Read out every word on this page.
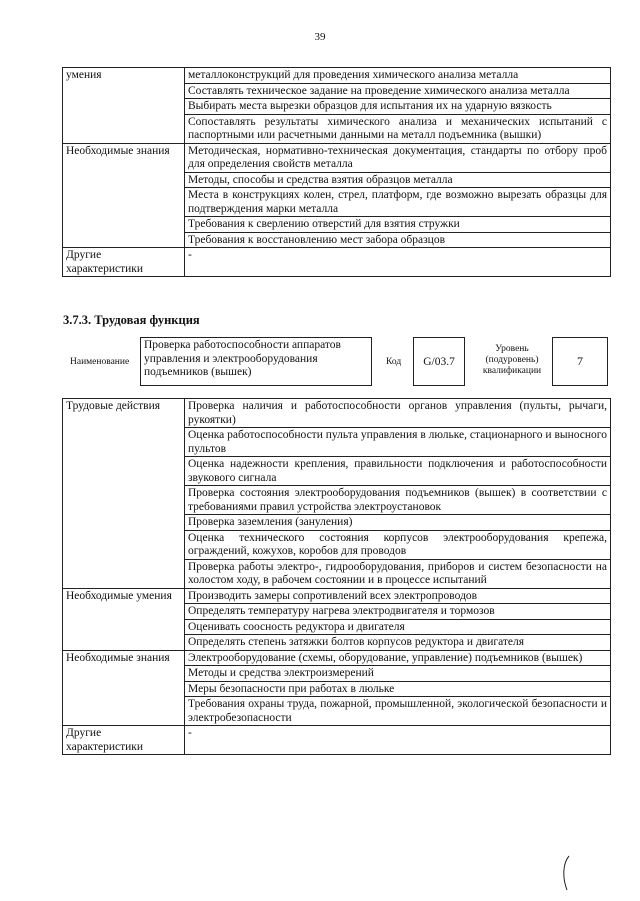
39
умения	металлоконструкций для проведения химического анализа металла
	Составлять техническое задание на проведение химического анализа металла
	Выбирать места вырезки образцов для испытания их на ударную вязкость
	Сопоставлять результаты химического анализа и механических испытаний с паспортными или расчетными данными на металл подъемника (вышки)
Необходимые знания	Методическая, нормативно-техническая документация, стандарты по отбору проб для определения свойств металла
	Методы, способы и средства взятия образцов металла
	Места в конструкциях колен, стрел, платформ, где возможно вырезать образцы для подтверждения марки металла
	Требования к сверлению отверстий для взятия стружки
	Требования к восстановлению мест забора образцов
Другие характеристики	-
3.7.3. Трудовая функция
Наименование
Проверка работоспособности аппаратов управления и электрооборудования подъемников (вышек)
Код	G/03.7
Уровень (подуровень) квалификации
7
Трудовые действия	Проверка наличия и работоспособности органов управления (пульты, рычаги, рукоятки)
	Оценка работоспособности пульта управления в люльке, стационарного и выносного пультов
	Оценка надежности крепления, правильности подключения и работоспособности звукового сигнала
	Проверка состояния электрооборудования подъемников (вышек) в соответствии с требованиями правил устройства электроустановок
	Проверка заземления (зануления)
	Оценка технического состояния корпусов электрооборудования крепежа, ограждений, кожухов, коробов для проводов
	Проверка работы электро-, гидрооборудования, приборов и систем безопасности на холостом ходу, в рабочем состоянии и в процессе испытаний
Необходимые умения	Производить замеры сопротивлений всех электропроводов
	Определять температуру нагрева электродвигателя и тормозов
	Оценивать соосность редуктора и двигателя
	Определять степень затяжки болтов корпусов редуктора и двигателя
Необходимые знания	Электрооборудование (схемы, оборудование, управление) подъемников (вышек)
	Методы и средства электроизмерений
	Меры безопасности при работах в люльке
	Требования охраны труда, пожарной, промышленной, экологической безопасности и электробезопасности
Другие характеристики	-
